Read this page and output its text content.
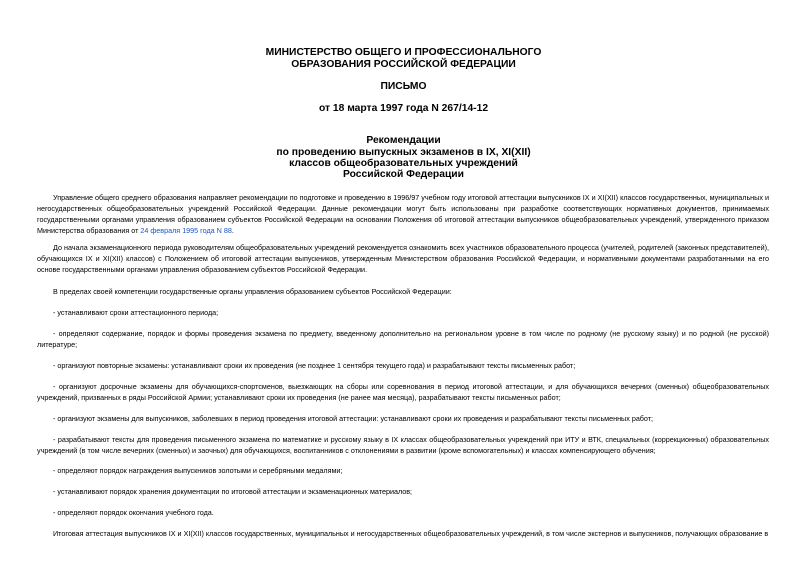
МИНИСТЕРСТВО ОБЩЕГО И ПРОФЕССИОНАЛЬНОГО
ОБРАЗОВАНИЯ РОССИЙСКОЙ ФЕДЕРАЦИИ
ПИСЬМО
от 18 марта 1997 года N 267/14-12
Рекомендации
по проведению выпускных экзаменов в IX, XI(XII)
классов общеобразовательных учреждений
Российской Федерации

Управление общего среднего образования направляет рекомендации по подготовке и проведению в 1996/97 учебном году итоговой аттестации выпускников IX и XI(XII) классов государственных, муниципальных и негосударственных общеобразовательных учреждений Российской Федерации. Данные рекомендации могут быть использованы при разработке соответствующих нормативных документов, принимаемых государственными органами управления образованием субъектов Российской Федерации на основании Положения об итоговой аттестации выпускников общеобразовательных учреждений, утвержденного приказом Министерства образования от 24 февраля 1995 года N 88.

До начала экзаменационного периода руководителям общеобразовательных учреждений рекомендуется ознакомить всех участников образовательного процесса (учителей, родителей (законных представителей), обучающихся IX и XI(XII) классов) с Положением об итоговой аттестации выпускников, утвержденным Министерством образования Российской Федерации, и нормативными документами разработанными на его основе государственными органами управления образованием субъектов Российской Федерации.

В пределах своей компетенции государственные органы управления образованием субъектов Российской Федерации:

- устанавливают сроки аттестационного периода;

- определяют содержание, порядок и формы проведения экзамена по предмету, введенному дополнительно на региональном уровне в том числе по родному (не русскому языку) и по родной (не русской) литературе;

- организуют повторные экзамены: устанавливают сроки их проведения (не позднее 1 сентября текущего года) и разрабатывают тексты письменных работ;

- организуют досрочные экзамены для обучающихся-спортсменов, выезжающих на сборы или соревнования в период итоговой аттестации, и для обучающихся вечерних (сменных) общеобразовательных учреждений, призванных в ряды Российской Армии; устанавливают сроки их проведения (не ранее мая месяца), разрабатывают тексты письменных работ;

- организуют экзамены для выпускников, заболевших в период проведения итоговой аттестации: устанавливают сроки их проведения и разрабатывают тексты письменных работ;

- разрабатывают тексты для проведения письменного экзамена по математике и русскому языку в IX классах общеобразовательных учреждений при ИТУ и ВТК, специальных (коррекционных) образовательных учреждений (в том числе вечерних (сменных) и заочных) для обучающихся, воспитанников с отклонениями в развитии (кроме вспомогательных) и классах компенсирующего обучения;

- определяют порядок награждения выпускников золотыми и серебряными медалями;

- устанавливают порядок хранения документации по итоговой аттестации и экзаменационных материалов;

- определяют порядок окончания учебного года.

Итоговая аттестация выпускников IX и XI(XII) классов государственных, муниципальных и негосударственных общеобразовательных учреждений, в том числе экстернов и выпускников, получающих образование в
